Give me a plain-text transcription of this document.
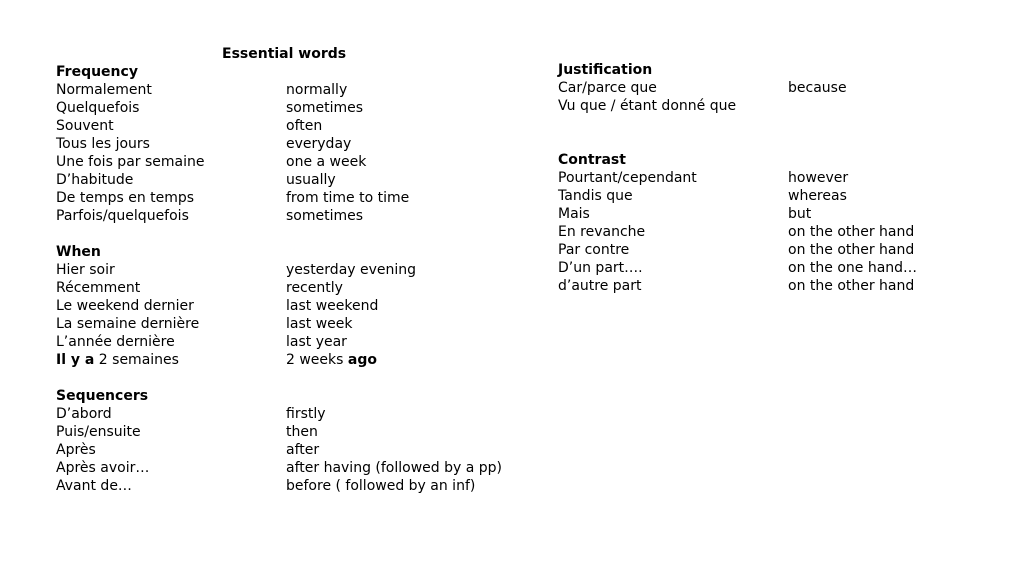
Essential words
Frequency
Normalement	normally
Quelquefois	sometimes
Souvent	often
Tous les jours	everyday
Une fois par semaine	one a week
D’habitude	usually
De temps en temps	from time to time
Parfois/quelquefois	sometimes
When
Hier soir	yesterday evening
Récemment	recently
Le weekend dernier	last weekend
La semaine dernière	last week
L’année dernière	last year
Il y a 2 semaines	2 weeks ago
Sequencers
D’abord	firstly
Puis/ensuite	then
Après	after
Après avoir…	after having (followed by a pp)
Avant de…	before ( followed by an inf)
Justification
Car/parce que	because
Vu que / étant donné que
Contrast
Pourtant/cependant	however
Tandis que	whereas
Mais	but
En revanche	on the other hand
Par contre	on the other hand
D’un part….	on the one hand…
d’autre part	on the other hand
